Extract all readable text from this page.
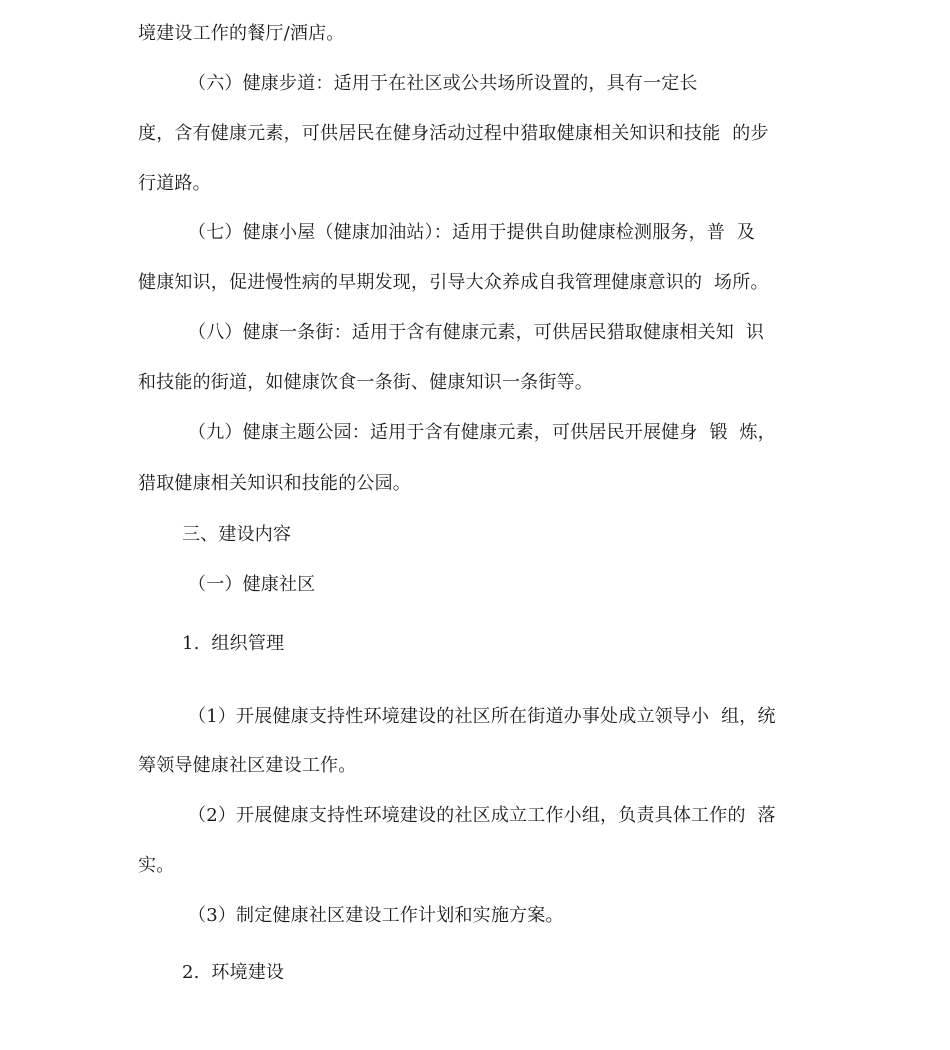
境建设工作的餐厅/酒店。
（六）健康步道：适用于在社区或公共场所设置的，具有一定长
度，含有健康元素，可供居民在健身活动过程中猎取健康相关知识和技能  的步
行道路。
（七）健康小屋（健康加油站）：适用于提供自助健康检测服务，普  及
健康知识，促进慢性病的早期发现，引导大众养成自我管理健康意识的  场所。
（八）健康一条街：适用于含有健康元素，可供居民猎取健康相关知  识
和技能的街道，如健康饮食一条街、健康知识一条街等。
（九）健康主题公园：适用于含有健康元素，可供居民开展健身  锻  炼，
猎取健康相关知识和技能的公园。
三、建设内容
（一）健康社区
1.  组织管理
（1）开展健康支持性环境建设的社区所在街道办事处成立领导小  组，统
筹领导健康社区建设工作。
（2）开展健康支持性环境建设的社区成立工作小组，负责具体工作的  落
实。
（3）制定健康社区建设工作计划和实施方案。
2.  环境建设
